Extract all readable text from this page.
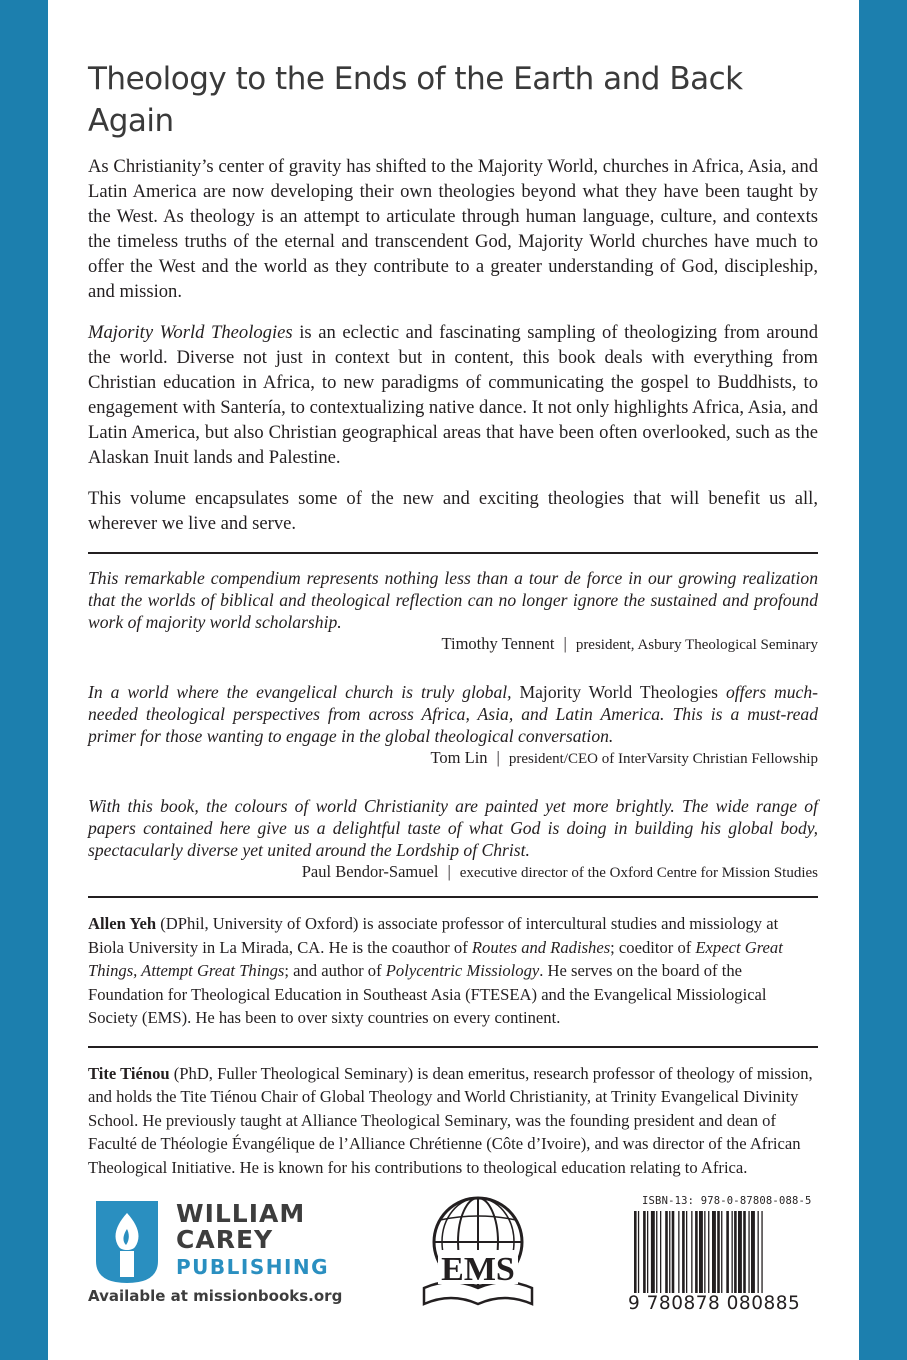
Theology to the Ends of the Earth and Back Again

As Christianity’s center of gravity has shifted to the Majority World, churches in Africa, Asia, and Latin America are now developing their own theologies beyond what they have been taught by the West. As theology is an attempt to articulate through human language, culture, and contexts the timeless truths of the eternal and transcendent God, Majority World churches have much to offer the West and the world as they contribute to a greater understanding of God, discipleship, and mission.

Majority World Theologies is an eclectic and fascinating sampling of theologizing from around the world. Diverse not just in context but in content, this book deals with everything from Christian education in Africa, to new paradigms of communicating the gospel to Buddhists, to engagement with Santería, to contextualizing native dance. It not only highlights Africa, Asia, and Latin America, but also Christian geographical areas that have been often overlooked, such as the Alaskan Inuit lands and Palestine.

This volume encapsulates some of the new and exciting theologies that will benefit us all, wherever we live and serve.

This remarkable compendium represents nothing less than a tour de force in our growing realization that the worlds of biblical and theological reflection can no longer ignore the sustained and profound work of majority world scholarship.

Timothy Tennent | president, Asbury Theological Seminary

In a world where the evangelical church is truly global, Majority World Theologies offers much-needed theological perspectives from across Africa, Asia, and Latin America. This is a must-read primer for those wanting to engage in the global theological conversation.

Tom Lin | president/CEO of InterVarsity Christian Fellowship

With this book, the colours of world Christianity are painted yet more brightly. The wide range of papers contained here give us a delightful taste of what God is doing in building his global body, spectacularly diverse yet united around the Lordship of Christ.

Paul Bendor-Samuel | executive director of the Oxford Centre for Mission Studies

Allen Yeh (DPhil, University of Oxford) is associate professor of intercultural studies and missiology at Biola University in La Mirada, CA. He is the coauthor of Routes and Radishes; coeditor of Expect Great Things, Attempt Great Things; and author of Polycentric Missiology. He serves on the board of the Foundation for Theological Education in Southeast Asia (FTESEA) and the Evangelical Missiological Society (EMS). He has been to over sixty countries on every continent.

Tite Tiénou (PhD, Fuller Theological Seminary) is dean emeritus, research professor of theology of mission, and holds the Tite Tiénou Chair of Global Theology and World Christianity, at Trinity Evangelical Divinity School. He previously taught at Alliance Theological Seminary, was the founding president and dean of Faculté de Théologie Évangélique de l’Alliance Chrétienne (Côte d’Ivoire), and was director of the African Theological Initiative. He is known for his contributions to theological education relating to Africa.

WILLIAM
CAREY
PUBLISHING
Available at missionbooks.org
EMS
ISBN-13: 978-0-87808-088-5
9 780878 080885
